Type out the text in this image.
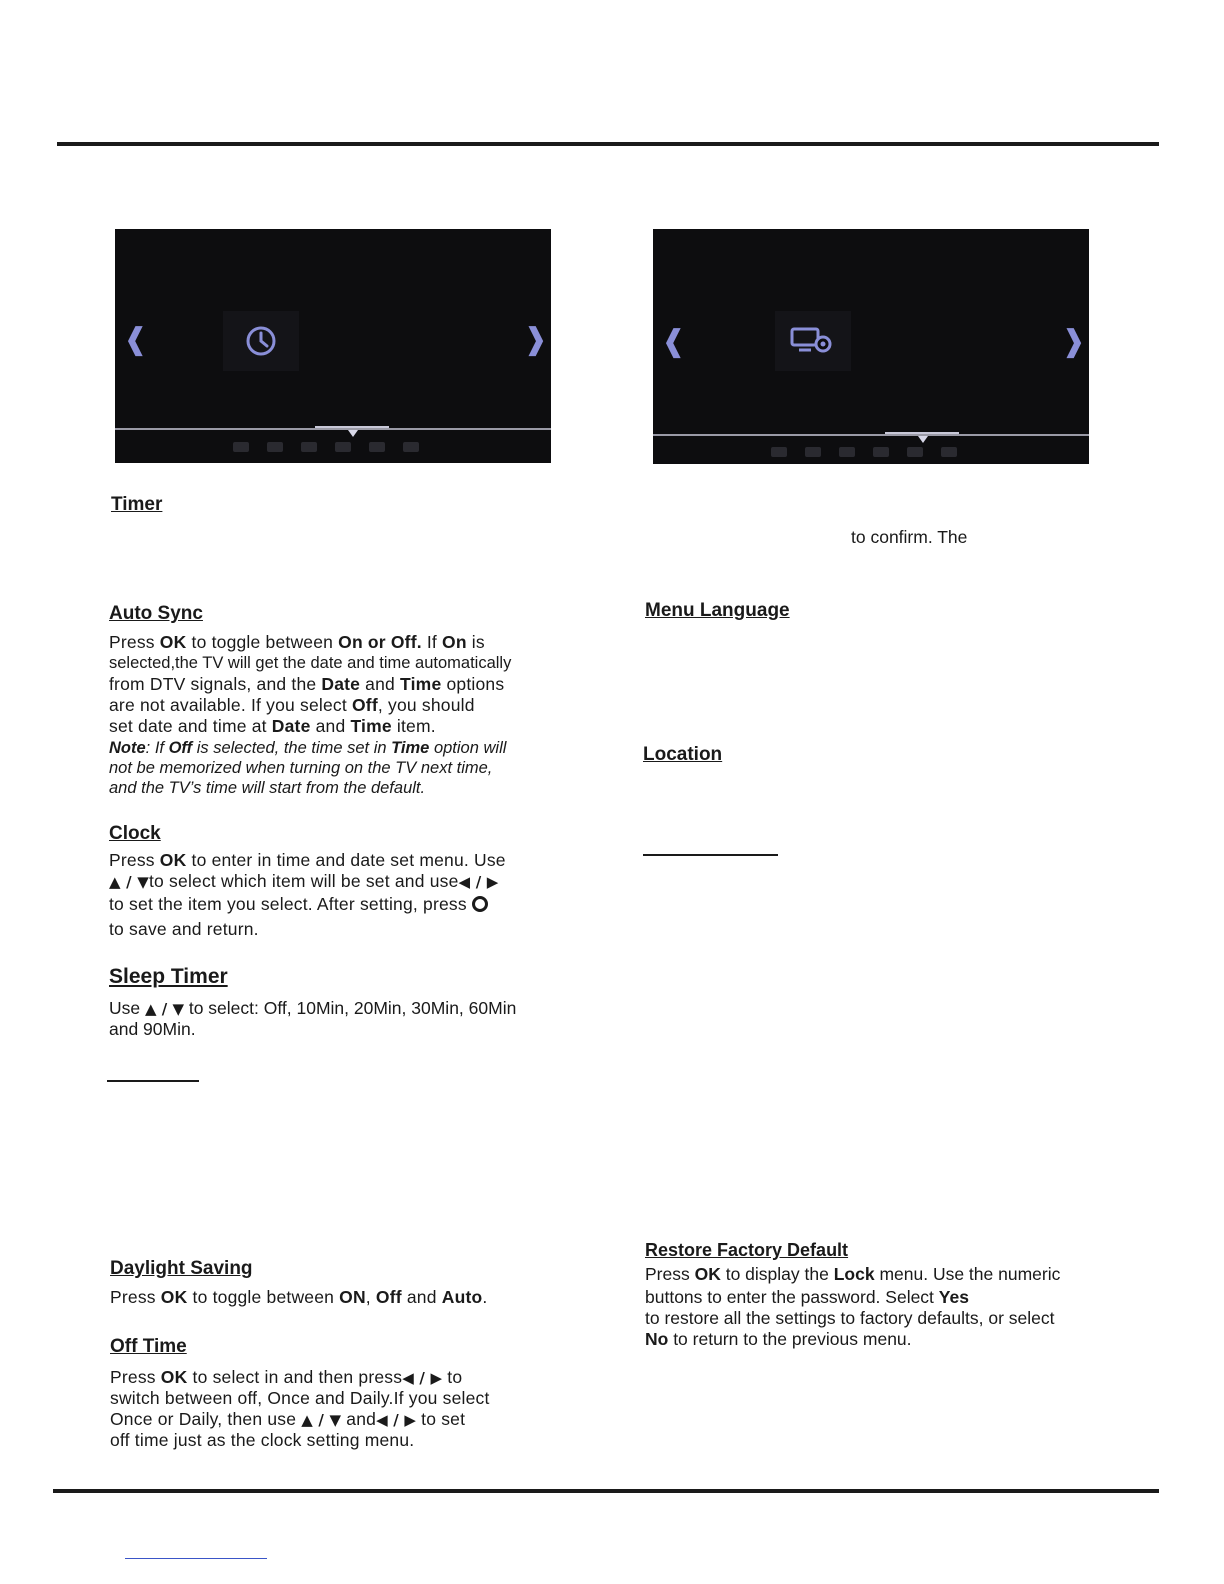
❰	❱	❰	❱
Timer
Auto Sync

Press OK to toggle between On or Off. If On is

selected,the TV will get the date and time automatically

from DTV signals, and the Date and Time options

are not available. If you select Off, you should

set date and time at Date and Time item.

Note: If Off is selected, the time set in Time option will

not be memorized when turning on the TV next time,

and the TV’s time will start from the default.

Clock

Press OK to enter in time and date set menu. Use

▲ / ▼to select which item will be set and use◀ / ▶

to set the item you select. After setting, press

to save and return.

Sleep Timer

Use ▲ / ▼ to select: Off, 10Min, 20Min, 30Min, 60Min

and 90Min.

Daylight Saving

Press OK to toggle between ON, Off and Auto.

Off Time

Press OK to select in and then press◀ / ▶ to

switch between off, Once and Daily.If you select

Once or Daily, then use ▲ / ▼ and◀ / ▶ to set

off time just as the clock setting menu.

to confirm. The

Menu Language
Location
Restore Factory Default

Press OK to display the Lock menu. Use the numeric

buttons to enter the password. Select Yes

to restore all the settings to factory defaults, or select

No to return to the previous menu.
